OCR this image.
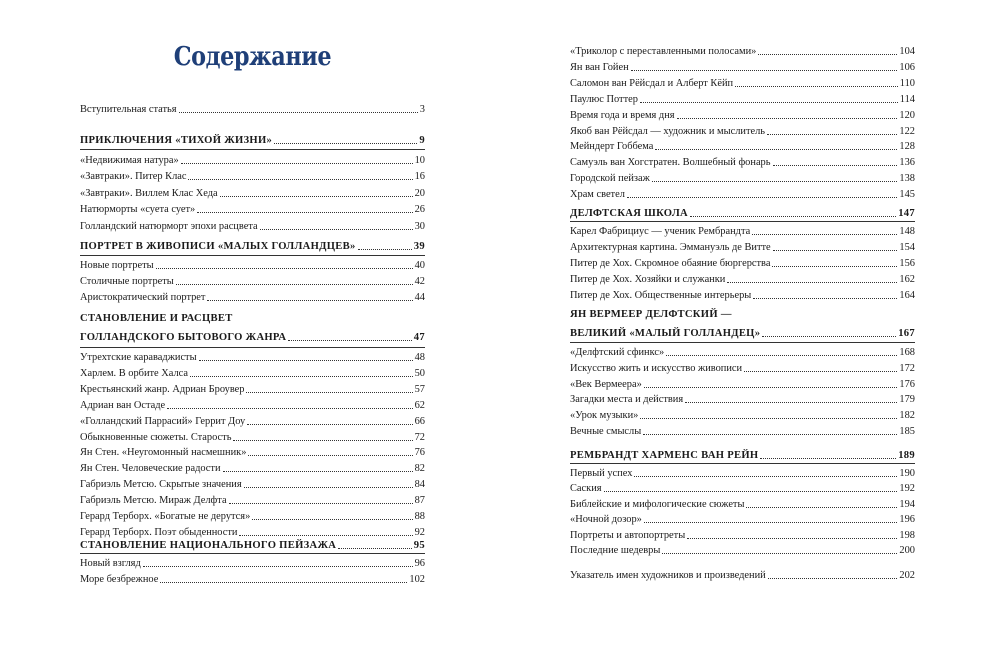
Содержание
Вступительная статья	3
ПРИКЛЮЧЕНИЯ «ТИХОЙ ЖИЗНИ»	9
«Недвижимая натура»	10
«Завтраки». Питер Клас	16
«Завтраки». Виллем Клас Хеда	20
Натюрморты «суета сует»	26
Голландский натюрморт эпохи расцвета	30
ПОРТРЕТ В ЖИВОПИСИ «МАЛЫХ ГОЛЛАНДЦЕВ»	39
Новые портреты	40
Столичные портреты	42
Аристократический портрет	44
СТАНОВЛЕНИЕ И РАСЦВЕТ
ГОЛЛАНДСКОГО БЫТОВОГО ЖАНРА	47
Утрехтские караваджисты	48
Харлем. В орбите Халса	50
Крестьянский жанр. Адриан Броувер	57
Адриан ван Остаде	62
«Голландский Паррасий» Геррит Доу	66
Обыкновенные сюжеты. Старость	72
Ян Стен. «Неугомонный насмешник»	76
Ян Стен. Человеческие радости	82
Габриэль Метсю. Скрытые значения	84
Габриэль Метсю. Мираж Делфта	87
Герард Терборх. «Богатые не дерутся»	88
Герард Терборх. Поэт обыденности	92
СТАНОВЛЕНИЕ НАЦИОНАЛЬНОГО ПЕЙЗАЖА	95
Новый взгляд	96
Море безбрежное	102
«Триколор с переставленными полосами»	104
Ян ван Гойен	106
Саломон ван Рёйсдал и Алберт Кёйп	110
Паулюс Поттер	114
Время года и время дня	120
Якоб ван Рёйсдал — художник и мыслитель	122
Мейндерт Гоббема	128
Самуэль ван Хогстратен. Волшебный фонарь	136
Городской пейзаж	138
Храм светел	145
ДЕЛФТСКАЯ ШКОЛА	147
Карел Фабрициус — ученик Рембрандта	148
Архитектурная картина. Эммануэль де Витте	154
Питер де Хох. Скромное обаяние бюргерства	156
Питер де Хох. Хозяйки и служанки	162
Питер де Хох. Общественные интерьеры	164
ЯН ВЕРМЕЕР ДЕЛФТСКИЙ —
ВЕЛИКИЙ «МАЛЫЙ ГОЛЛАНДЕЦ»	167
«Делфтский сфинкс»	168
Искусство жить и искусство живописи	172
«Век Вермеера»	176
Загадки места и действия	179
«Урок музыки»	182
Вечные смыслы	185
РЕМБРАНДТ ХАРМЕНС ВАН РЕЙН	189
Первый успех	190
Саския	192
Библейские и мифологические сюжеты	194
«Ночной дозор»	196
Портреты и автопортреты	198
Последние шедевры	200
Указатель имен художников и произведений	202
